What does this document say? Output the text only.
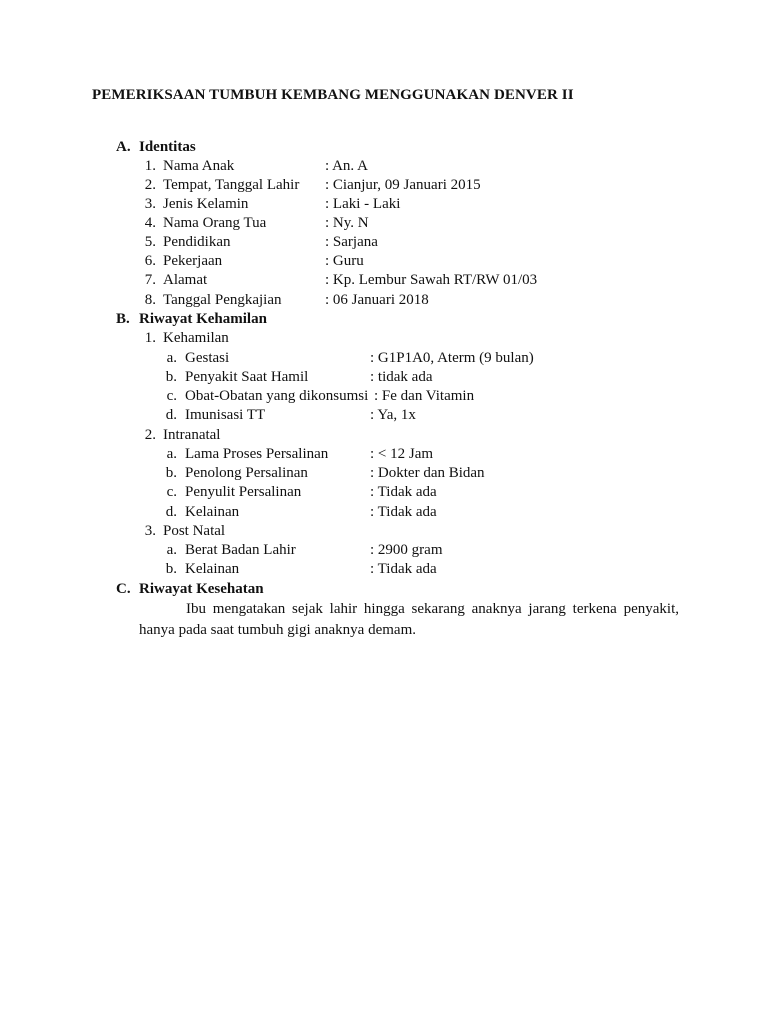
PEMERIKSAAN TUMBUH KEMBANG MENGGUNAKAN DENVER II
A. Identitas
1. Nama Anak	: An. A
2. Tempat, Tanggal Lahir : Cianjur, 09 Januari 2015
3. Jenis Kelamin	: Laki - Laki
4. Nama Orang Tua	: Ny. N
5. Pendidikan	: Sarjana
6. Pekerjaan	: Guru
7. Alamat	: Kp. Lembur Sawah RT/RW 01/03
8. Tanggal Pengkajian	: 06 Januari 2018
B. Riwayat Kehamilan
1. Kehamilan
a. Gestasi	: G1P1A0, Aterm (9 bulan)
b. Penyakit Saat Hamil	: tidak ada
c. Obat-Obatan yang dikonsumsi : Fe dan Vitamin
d. Imunisasi TT	: Ya, 1x
2. Intranatal
a. Lama Proses Persalinan	: < 12 Jam
b. Penolong Persalinan	: Dokter dan Bidan
c. Penyulit Persalinan	: Tidak ada
d. Kelainan	: Tidak ada
3. Post Natal
a. Berat Badan Lahir	: 2900 gram
b. Kelainan	: Tidak ada
C. Riwayat Kesehatan
Ibu mengatakan sejak lahir hingga sekarang anaknya jarang terkena penyakit, hanya pada saat tumbuh gigi anaknya demam.
